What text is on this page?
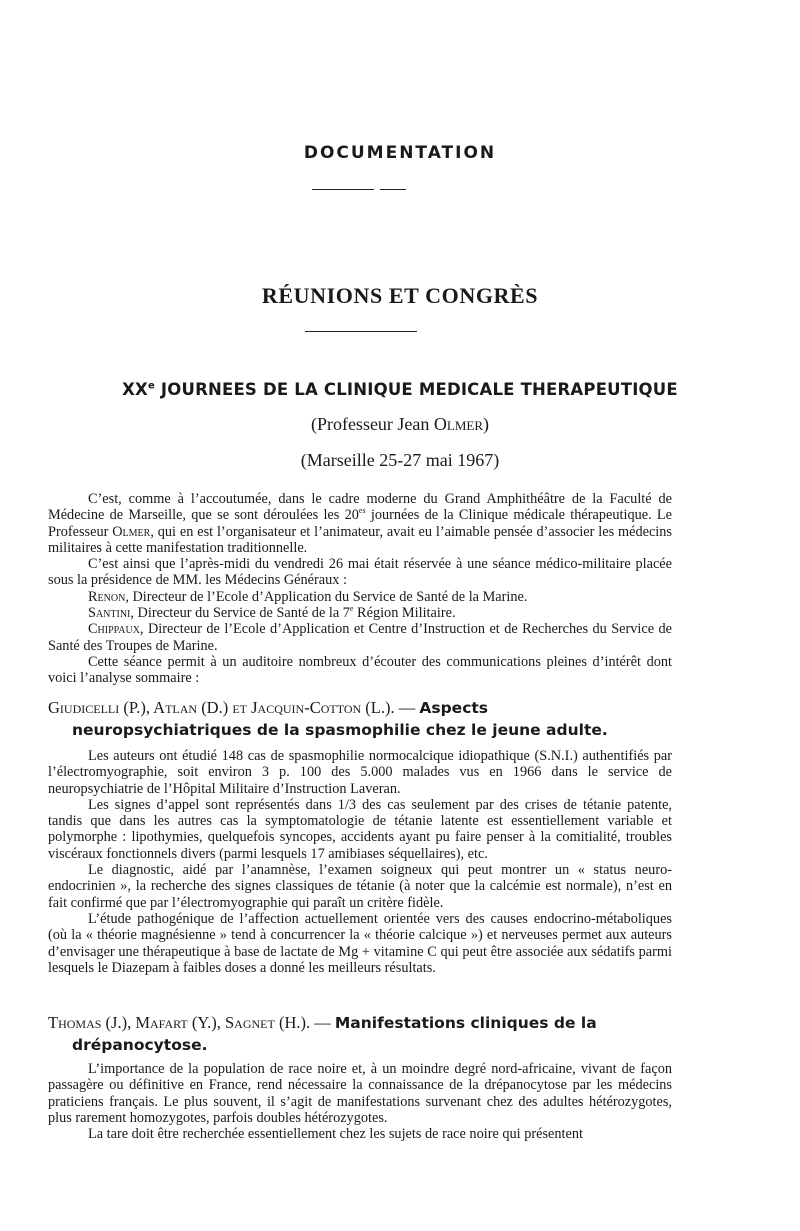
DOCUMENTATION
RÉUNIONS ET CONGRÈS
XXe JOURNEES DE LA CLINIQUE MEDICALE THERAPEUTIQUE
(Professeur Jean Olmer)
(Marseille 25-27 mai 1967)

C’est, comme à l’accoutumée, dans le cadre moderne du Grand Amphithéâtre de la Faculté de Médecine de Marseille, que se sont déroulées les $20^{es}$ journées de la Clinique médicale thérapeutique. Le Professeur Olmer, qui en est l’organisateur et l’animateur, avait eu l’aimable pensée d’associer les médecins militaires à cette manifestation traditionnelle.

C’est ainsi que l’après-midi du vendredi 26 mai était réservée à une séance médico-militaire placée sous la présidence de MM. les Médecins Généraux :

Renon, Directeur de l’Ecole d’Application du Service de Santé de la Marine.

Santini, Directeur du Service de Santé de la 7e Région Militaire.

Chippaux, Directeur de l’Ecole d’Application et Centre d’Instruction et de Recherches du Service de Santé des Troupes de Marine.

Cette séance permit à un auditoire nombreux d’écouter des communications pleines d’intérêt dont voici l’analyse sommaire :

Giudicelli (P.), Atlan (D.) et Jacquin-Cotton (L.). — Aspects neuropsychiatriques de la spasmophilie chez le jeune adulte.

Les auteurs ont étudié 148 cas de spasmophilie normocalcique idiopathique (S.N.I.) authentifiés par l’électromyographie, soit environ 3 p. 100 des 5.000 malades vus en 1966 dans le service de neuropsychiatrie de l’Hôpital Militaire d’Instruction Laveran.

Les signes d’appel sont représentés dans 1/3 des cas seulement par des crises de tétanie patente, tandis que dans les autres cas la symptomatologie de tétanie latente est essentiellement variable et polymorphe : lipothymies, quelquefois syncopes, accidents ayant pu faire penser à la comitialité, troubles viscéraux fonctionnels divers (parmi lesquels 17 amibiases séquellaires), etc.

Le diagnostic, aidé par l’anamnèse, l’examen soigneux qui peut montrer un « status neuro-endocrinien », la recherche des signes classiques de tétanie (à noter que la calcémie est normale), n’est en fait confirmé que par l’électromyographie qui paraît un critère fidèle.

L’étude pathogénique de l’affection actuellement orientée vers des causes endocrino-métaboliques (où la « théorie magnésienne » tend à concurrencer la « théorie calcique ») et nerveuses permet aux auteurs d’envisager une thérapeutique à base de lactate de Mg + vitamine C qui peut être associée aux sédatifs parmi lesquels le Diazepam à faibles doses a donné les meilleurs résultats.

Thomas (J.), Mafart (Y.), Sagnet (H.). — Manifestations cliniques de la drépanocytose.

L’importance de la population de race noire et, à un moindre degré nord-africaine, vivant de façon passagère ou définitive en France, rend nécessaire la connaissance de la drépanocytose par les médecins praticiens français. Le plus souvent, il s’agit de manifestations survenant chez des adultes hétérozygotes, plus rarement homozygotes, parfois doubles hétérozygotes.

La tare doit être recherchée essentiellement chez les sujets de race noire qui présentent
